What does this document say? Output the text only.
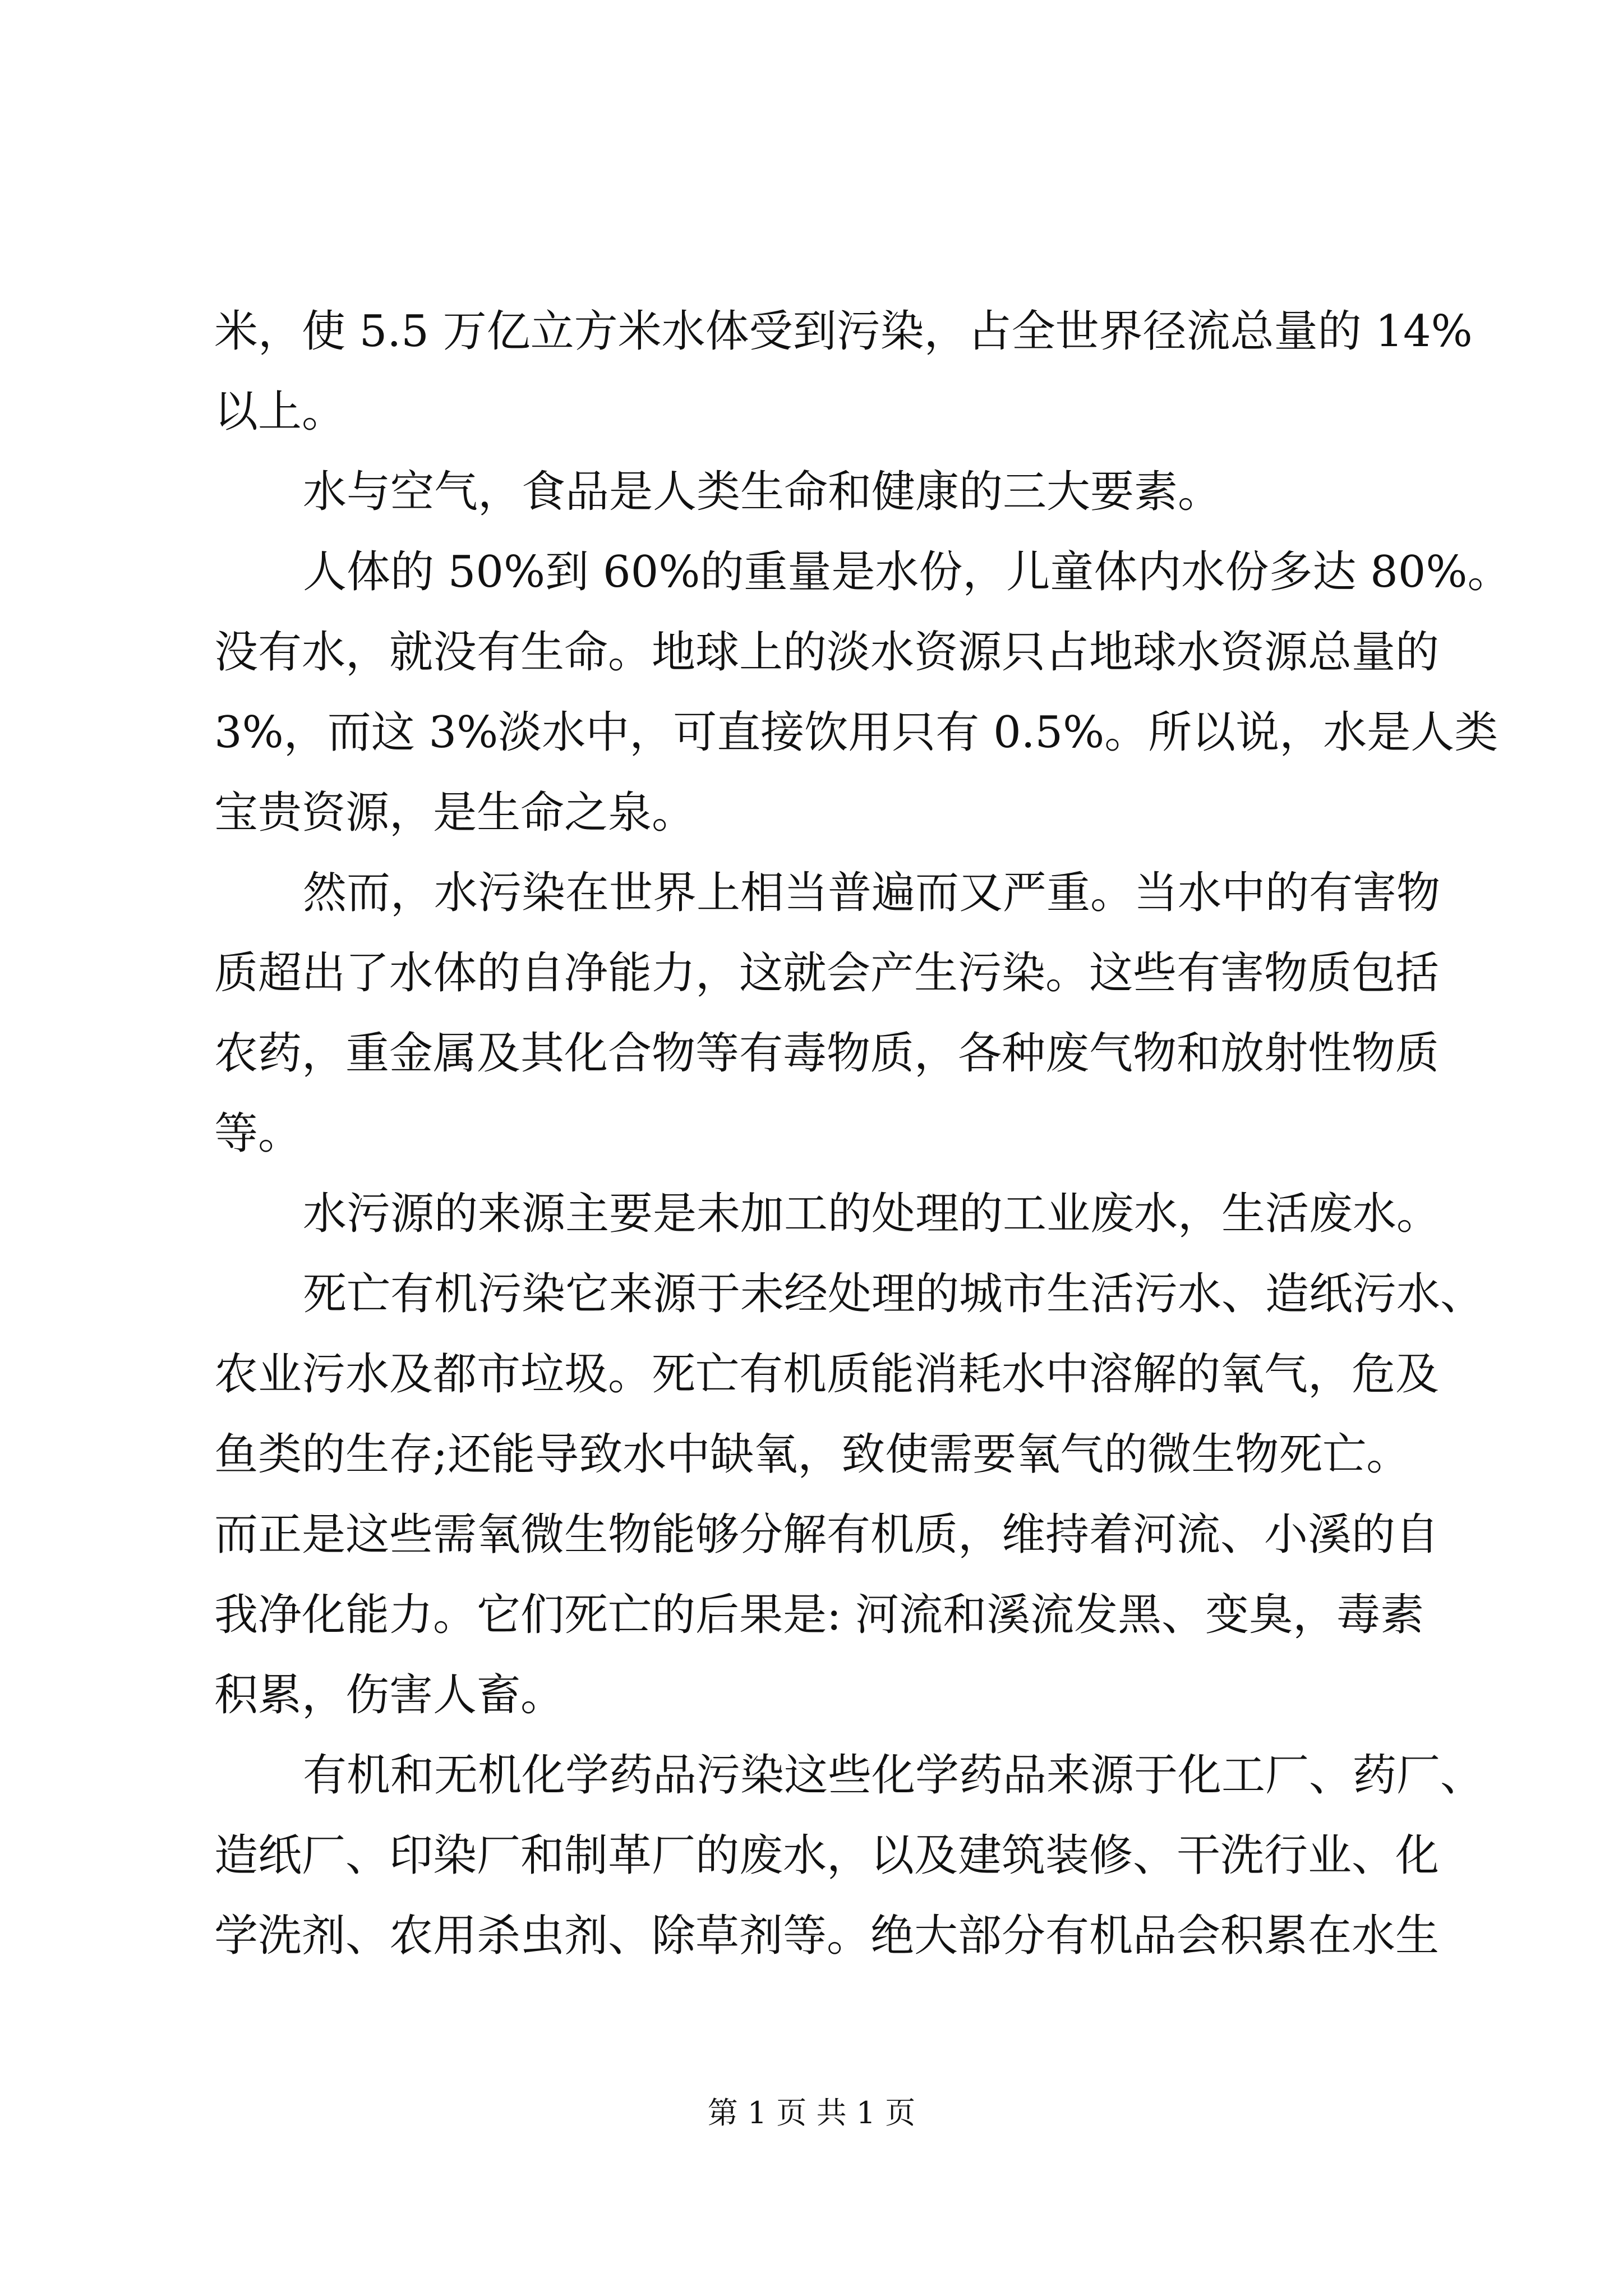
米，使 5.5 万亿立方米水体受到污染，占全世界径流总量的 14%
以上。
水与空气，食品是人类生命和健康的三大要素。
人体的 50%到 60%的重量是水份，儿童体内水份多达 80%。
没有水，就没有生命。地球上的淡水资源只占地球水资源总量的
3%，而这 3%淡水中，可直接饮用只有 0.5%。所以说，水是人类
宝贵资源，是生命之泉。
然而，水污染在世界上相当普遍而又严重。当水中的有害物
质超出了水体的自净能力，这就会产生污染。这些有害物质包括
农药，重金属及其化合物等有毒物质，各种废气物和放射性物质
等。
水污源的来源主要是未加工的处理的工业废水，生活废水。
死亡有机污染它来源于未经处理的城市生活污水、造纸污水、
农业污水及都市垃圾。死亡有机质能消耗水中溶解的氧气，危及
鱼类的生存;还能导致水中缺氧，致使需要氧气的微生物死亡。
而正是这些需氧微生物能够分解有机质，维持着河流、小溪的自
我净化能力。它们死亡的后果是: 河流和溪流发黑、变臭，毒素
积累，伤害人畜。
有机和无机化学药品污染这些化学药品来源于化工厂、药厂、
造纸厂、印染厂和制革厂的废水，以及建筑装修、干洗行业、化
学洗剂、农用杀虫剂、除草剂等。绝大部分有机品会积累在水生
第 1 页 共 1 页
